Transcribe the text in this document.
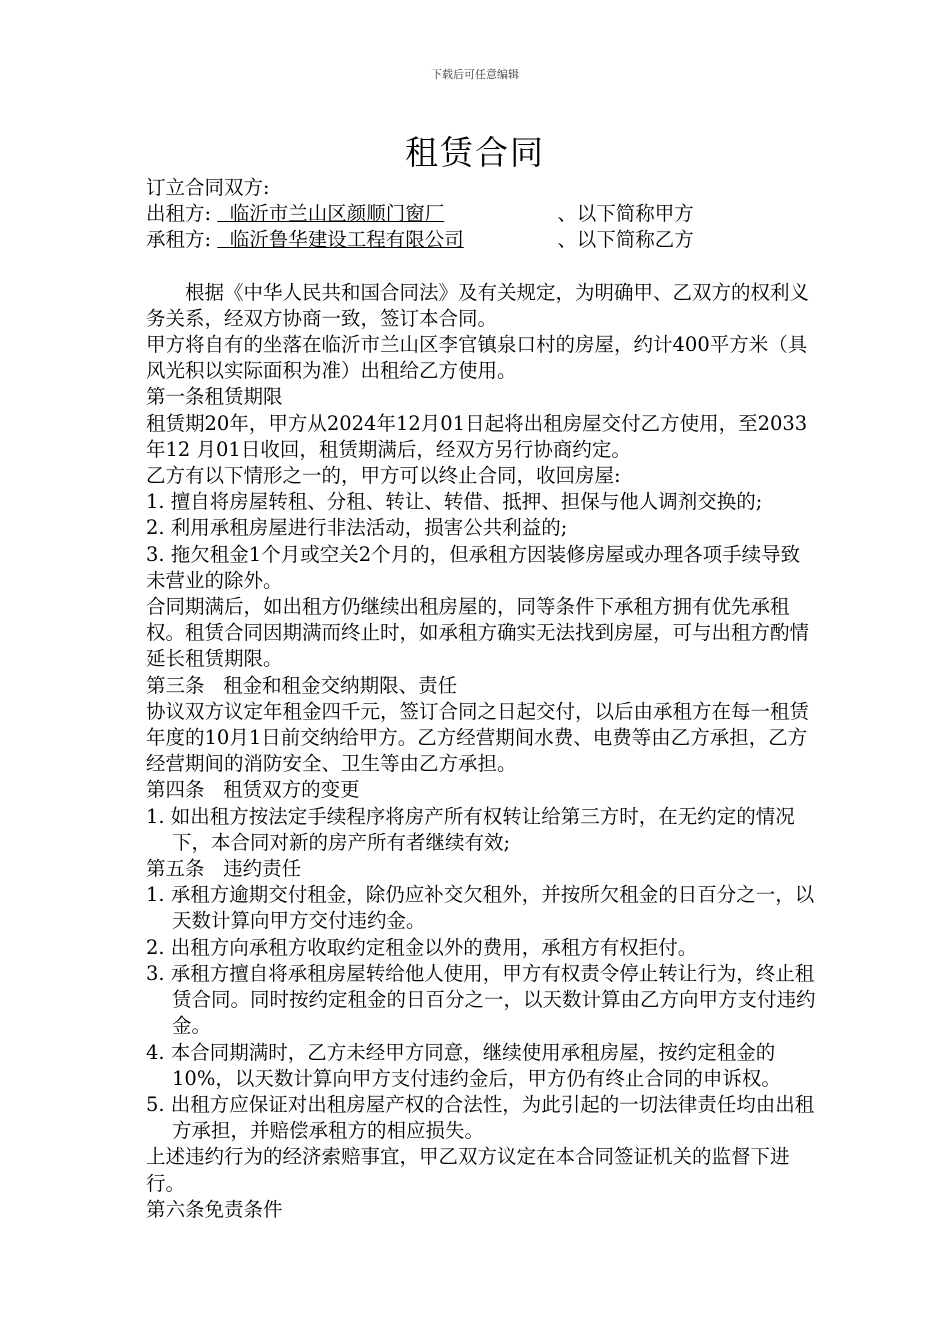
下载后可任意编辑
租赁合同
订立合同双方:
出租方: 临沂市兰山区颜顺门窗厂	、以下简称甲方
承租方: 临沂鲁华建设工程有限公司	、以下简称乙方
根据《中华人民共和国合同法》及有关规定，为明确甲、乙双方的权利义务关系，经双方协商一致，签订本合同。
甲方将自有的坐落在临沂市兰山区李官镇泉口村的房屋，约计400平方米（具风光积以实际面积为准）出租给乙方使用。
第一条租赁期限
租赁期20年，甲方从2024年12月01日起将出租房屋交付乙方使用，至2033年12 月01日收回，租赁期满后，经双方另行协商约定。
乙方有以下情形之一的，甲方可以终止合同，收回房屋:
1. 擅自将房屋转租、分租、转让、转借、抵押、担保与他人调剂交换的;
2. 利用承租房屋进行非法活动，损害公共利益的;
3. 拖欠租金1个月或空关2个月的，但承租方因装修房屋或办理各项手续导致未营业的除外。
合同期满后，如出租方仍继续出租房屋的，同等条件下承租方拥有优先承租权。租赁合同因期满而终止时，如承租方确实无法找到房屋，可与出租方酌情延长租赁期限。
第三条   租金和租金交纳期限、责任
协议双方议定年租金四千元，签订合同之日起交付，以后由承租方在每一租赁年度的10月1日前交纳给甲方。乙方经营期间水费、电费等由乙方承担，乙方经营期间的消防安全、卫生等由乙方承担。
第四条   租赁双方的变更
1. 如出租方按法定手续程序将房产所有权转让给第三方时，在无约定的情况下，本合同对新的房产所有者继续有效;
第五条   违约责任
1. 承租方逾期交付租金，除仍应补交欠租外，并按所欠租金的日百分之一，以天数计算向甲方交付违约金。
2. 出租方向承租方收取约定租金以外的费用，承租方有权拒付。
3. 承租方擅自将承租房屋转给他人使用，甲方有权责令停止转让行为，终止租赁合同。同时按约定租金的日百分之一，以天数计算由乙方向甲方支付违约金。
4. 本合同期满时，乙方未经甲方同意，继续使用承租房屋，按约定租金的10%，以天数计算向甲方支付违约金后，甲方仍有终止合同的申诉权。
5. 出租方应保证对出租房屋产权的合法性，为此引起的一切法律责任均由出租方承担，并赔偿承租方的相应损失。
上述违约行为的经济索赔事宜，甲乙双方议定在本合同签证机关的监督下进行。
第六条免责条件
